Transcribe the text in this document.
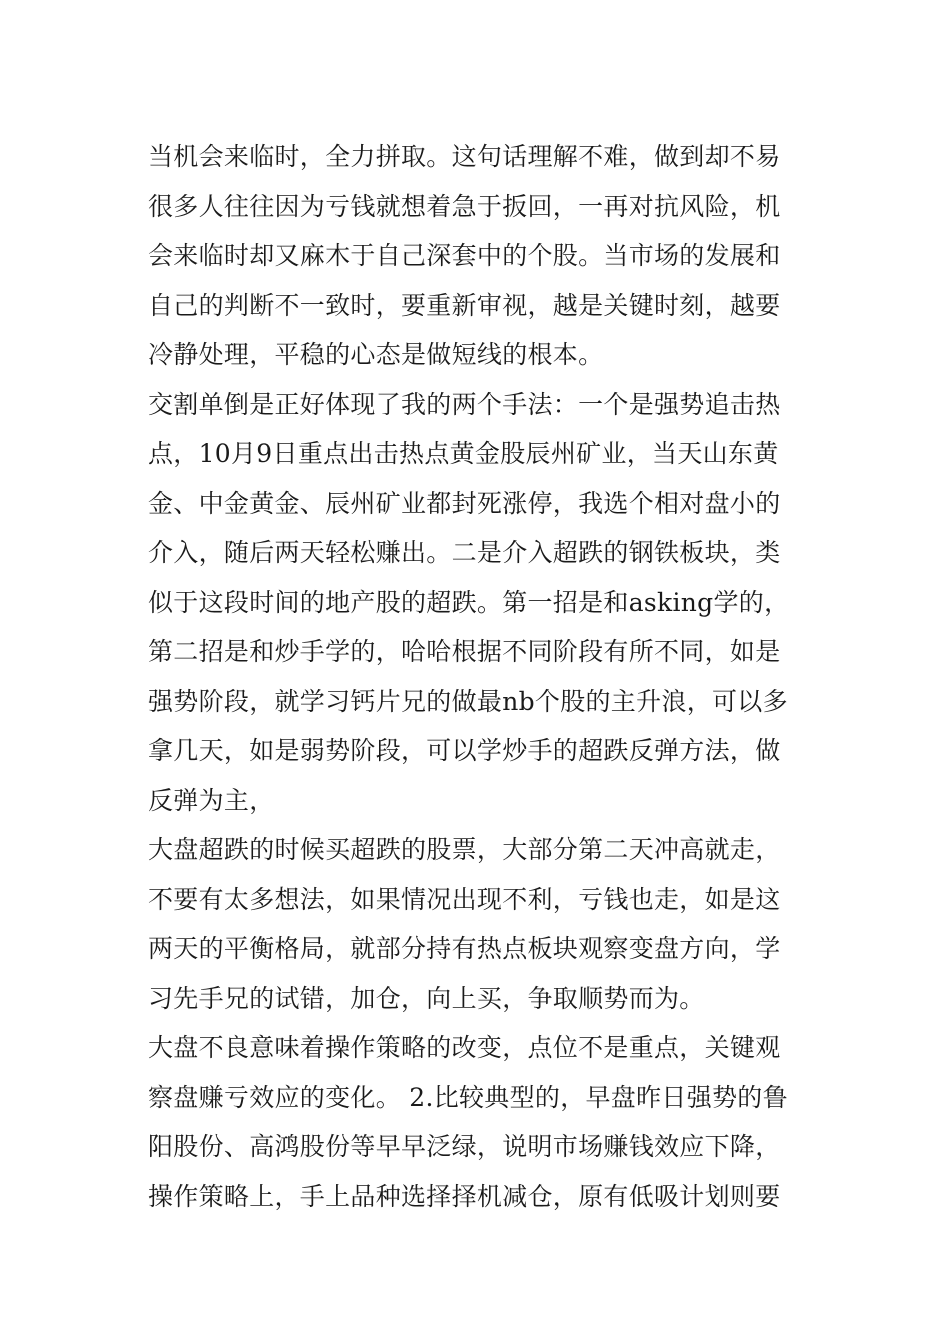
当机会来临时，全力拼取。这句话理解不难，做到却不易
很多人往往因为亏钱就想着急于扳回，一再对抗风险，机
会来临时却又麻木于自己深套中的个股。当市场的发展和
自己的判断不一致时，要重新审视，越是关键时刻，越要
冷静处理，平稳的心态是做短线的根本。
交割单倒是正好体现了我的两个手法：一个是强势追击热
点，10月9日重点出击热点黄金股辰州矿业，当天山东黄
金、中金黄金、辰州矿业都封死涨停，我选个相对盘小的
介入，随后两天轻松赚出。二是介入超跌的钢铁板块，类
似于这段时间的地产股的超跌。第一招是和asking学的，
第二招是和炒手学的，哈哈根据不同阶段有所不同，如是
强势阶段，就学习钙片兄的做最nb个股的主升浪，可以多
拿几天，如是弱势阶段，可以学炒手的超跌反弹方法，做
反弹为主，
大盘超跌的时候买超跌的股票，大部分第二天冲高就走，
不要有太多想法，如果情况出现不利，亏钱也走，如是这
两天的平衡格局，就部分持有热点板块观察变盘方向，学
习先手兄的试错，加仓，向上买，争取顺势而为。
大盘不良意味着操作策略的改变，点位不是重点，关键观
察盘赚亏效应的变化。 2.比较典型的，早盘昨日强势的鲁
阳股份、高鸿股份等早早泛绿，说明市场赚钱效应下降，
操作策略上，手上品种选择择机减仓，原有低吸计划则要
